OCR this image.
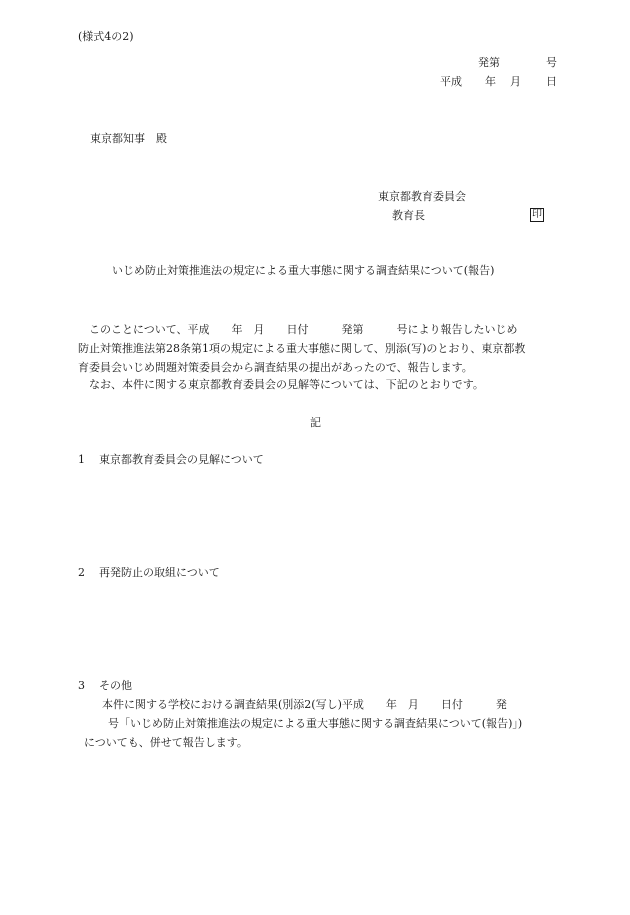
(様式4の2)
発第	号
平成 年 月 日
東京都知事　殿
東京都教育委員会
教育長	印
いじめ防止対策推進法の規定による重大事態に関する調査結果について(報告)
このことについて、平成　　年　月　　日付　　　発第　　　号により報告したいじめ
防止対策推進法第28条第1項の規定による重大事態に関して、別添(写)のとおり、東京都教
育委員会いじめ問題対策委員会から調査結果の提出があったので、報告します。
なお、本件に関する東京都教育委員会の見解等については、下記のとおりです。
記
1 東京都教育委員会の見解について
2 再発防止の取組について
3 その他
本件に関する学校における調査結果(別添2(写し)平成　　年　月　　日付　　　発
号「いじめ防止対策推進法の規定による重大事態に関する調査結果について(報告)」)
についても、併せて報告します。
